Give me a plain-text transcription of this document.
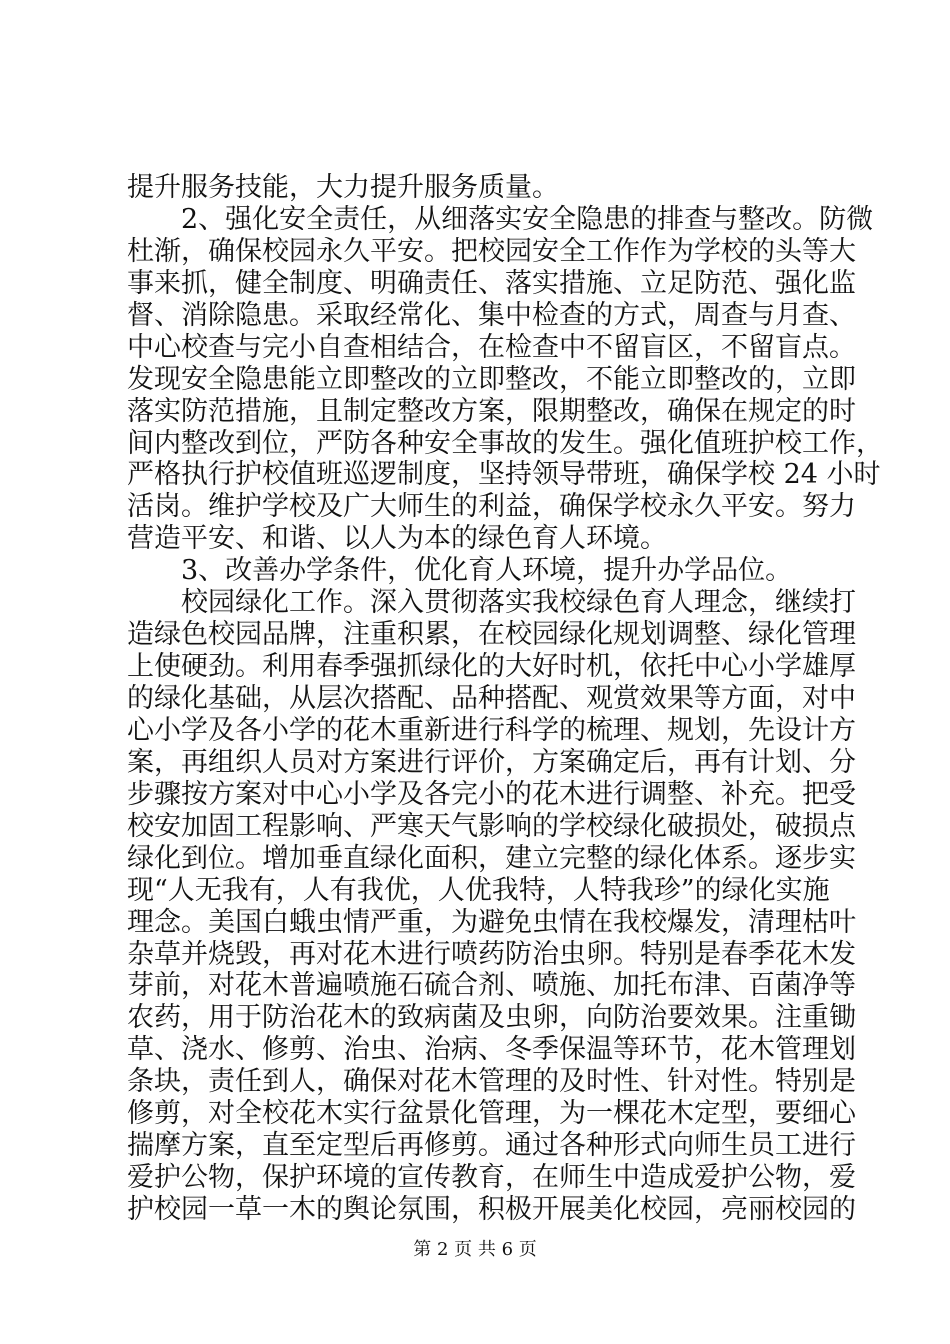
提升服务技能，大力提升服务质量。
2、强化安全责任，从细落实安全隐患的排查与整改。防微
杜渐，确保校园永久平安。把校园安全工作作为学校的头等大
事来抓，健全制度、明确责任、落实措施、立足防范、强化监
督、消除隐患。采取经常化、集中检查的方式，周查与月查、
中心校查与完小自查相结合，在检查中不留盲区，不留盲点。
发现安全隐患能立即整改的立即整改，不能立即整改的，立即
落实防范措施，且制定整改方案，限期整改，确保在规定的时
间内整改到位，严防各种安全事故的发生。强化值班护校工作，
严格执行护校值班巡逻制度，坚持领导带班，确保学校 24 小时
活岗。维护学校及广大师生的利益，确保学校永久平安。努力
营造平安、和谐、以人为本的绿色育人环境。
3、改善办学条件，优化育人环境，提升办学品位。
校园绿化工作。深入贯彻落实我校绿色育人理念，继续打
造绿色校园品牌，注重积累，在校园绿化规划调整、绿化管理
上使硬劲。利用春季强抓绿化的大好时机，依托中心小学雄厚
的绿化基础，从层次搭配、品种搭配、观赏效果等方面，对中
心小学及各小学的花木重新进行科学的梳理、规划，先设计方
案，再组织人员对方案进行评价，方案确定后，再有计划、分
步骤按方案对中心小学及各完小的花木进行调整、补充。把受
校安加固工程影响、严寒天气影响的学校绿化破损处，破损点
绿化到位。增加垂直绿化面积，建立完整的绿化体系。逐步实
现“人无我有，人有我优，人优我特，人特我珍”的绿化实施
理念。美国白蛾虫情严重，为避免虫情在我校爆发，清理枯叶
杂草并烧毁，再对花木进行喷药防治虫卵。特别是春季花木发
芽前，对花木普遍喷施石硫合剂、喷施、加托布津、百菌净等
农药，用于防治花木的致病菌及虫卵，向防治要效果。注重锄
草、浇水、修剪、治虫、治病、冬季保温等环节，花木管理划
条块，责任到人，确保对花木管理的及时性、针对性。特别是
修剪，对全校花木实行盆景化管理，为一棵花木定型，要细心
揣摩方案，直至定型后再修剪。通过各种形式向师生员工进行
爱护公物，保护环境的宣传教育，在师生中造成爱护公物，爱
护校园一草一木的舆论氛围，积极开展美化校园，亮丽校园的
第 2 页 共 6 页
